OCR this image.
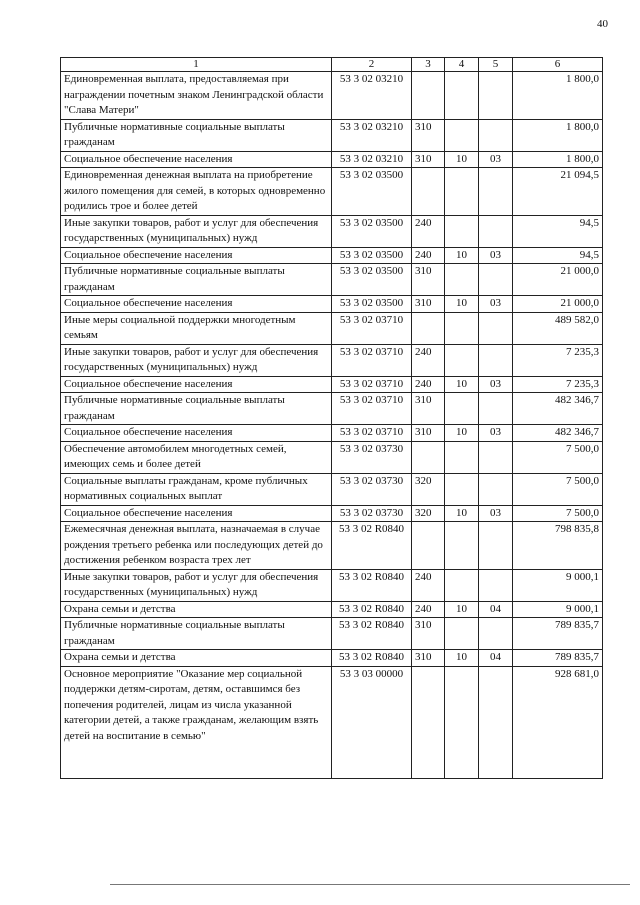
40
1	2	3	4	5	6
Единовременная выплата, предоставляемая при награждении почетным знаком Ленинградской области "Слава Матери"	53 3 02 03210				1 800,0
Публичные нормативные социальные выплаты гражданам	53 3 02 03210	310			1 800,0
Социальное обеспечение населения	53 3 02 03210	310	10	03	1 800,0
Единовременная денежная выплата на приобретение жилого помещения для семей, в которых одновременно родились трое и более детей	53 3 02 03500				21 094,5
Иные закупки товаров, работ и услуг для обеспечения государственных (муниципальных) нужд	53 3 02 03500	240			94,5
Социальное обеспечение населения	53 3 02 03500	240	10	03	94,5
Публичные нормативные социальные выплаты гражданам	53 3 02 03500	310			21 000,0
Социальное обеспечение населения	53 3 02 03500	310	10	03	21 000,0
Иные меры социальной поддержки многодетным семьям	53 3 02 03710				489 582,0
Иные закупки товаров, работ и услуг для обеспечения государственных (муниципальных) нужд	53 3 02 03710	240			7 235,3
Социальное обеспечение населения	53 3 02 03710	240	10	03	7 235,3
Публичные нормативные социальные выплаты гражданам	53 3 02 03710	310			482 346,7
Социальное обеспечение населения	53 3 02 03710	310	10	03	482 346,7
Обеспечение автомобилем многодетных семей, имеющих семь и более детей	53 3 02 03730				7 500,0
Социальные выплаты гражданам, кроме публичных нормативных социальных выплат	53 3 02 03730	320			7 500,0
Социальное обеспечение населения	53 3 02 03730	320	10	03	7 500,0
Ежемесячная денежная выплата, назначаемая в случае рождения третьего ребенка или последующих детей до достижения ребенком возраста трех лет	53 3 02 R0840				798 835,8
Иные закупки товаров, работ и услуг для обеспечения государственных (муниципальных) нужд	53 3 02 R0840	240			9 000,1
Охрана семьи и детства	53 3 02 R0840	240	10	04	9 000,1
Публичные нормативные социальные выплаты гражданам	53 3 02 R0840	310			789 835,7
Охрана семьи и детства	53 3 02 R0840	310	10	04	789 835,7
Основное мероприятие "Оказание мер социальной поддержки детям-сиротам, детям, оставшимся без попечения родителей, лицам из числа указанной категории детей, а также гражданам, желающим взять детей на воспитание в семью"	53 3 03 00000				928 681,0
